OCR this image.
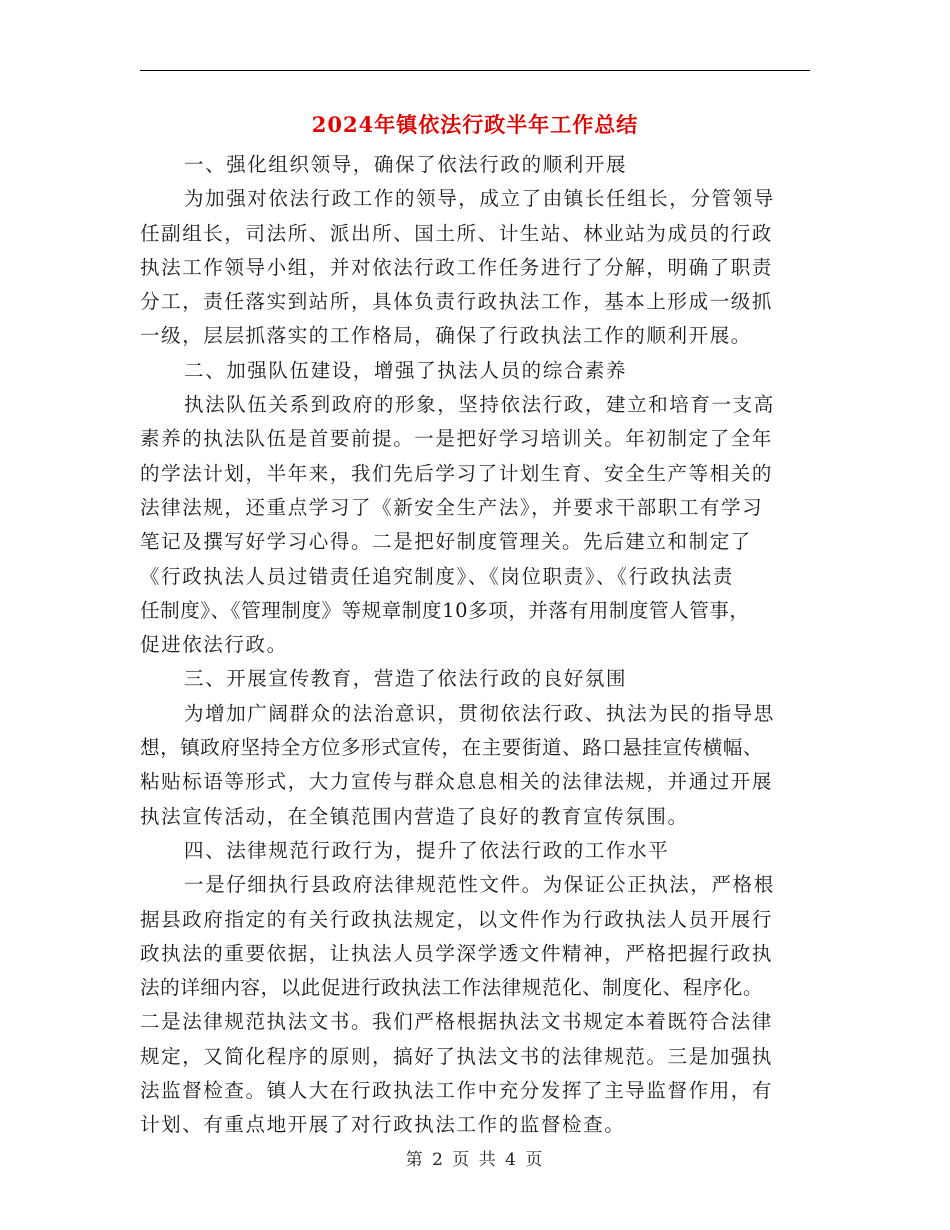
2024年镇依法行政半年工作总结
一、强化组织领导，确保了依法行政的顺利开展
为加强对依法行政工作的领导，成立了由镇长任组长，分管领导
任副组长，司法所、派出所、国土所、计生站、林业站为成员的行政
执法工作领导小组，并对依法行政工作任务进行了分解，明确了职责
分工，责任落实到站所，具体负责行政执法工作，基本上形成一级抓
一级，层层抓落实的工作格局，确保了行政执法工作的顺利开展。
二、加强队伍建设，增强了执法人员的综合素养
执法队伍关系到政府的形象，坚持依法行政，建立和培育一支高
素养的执法队伍是首要前提。一是把好学习培训关。年初制定了全年
的学法计划，半年来，我们先后学习了计划生育、安全生产等相关的
法律法规，还重点学习了《新安全生产法》，并要求干部职工有学习
笔记及撰写好学习心得。二是把好制度管理关。先后建立和制定了
《行政执法人员过错责任追究制度》、《岗位职责》、《行政执法责
任制度》、《管理制度》等规章制度10多项，并落有用制度管人管事，
促进依法行政。
三、开展宣传教育，营造了依法行政的良好氛围
为增加广阔群众的法治意识，贯彻依法行政、执法为民的指导思
想，镇政府坚持全方位多形式宣传，在主要街道、路口悬挂宣传横幅、
粘贴标语等形式，大力宣传与群众息息相关的法律法规，并通过开展
执法宣传活动，在全镇范围内营造了良好的教育宣传氛围。
四、法律规范行政行为，提升了依法行政的工作水平
一是仔细执行县政府法律规范性文件。为保证公正执法，严格根
据县政府指定的有关行政执法规定，以文件作为行政执法人员开展行
政执法的重要依据，让执法人员学深学透文件精神，严格把握行政执
法的详细内容，以此促进行政执法工作法律规范化、制度化、程序化。
二是法律规范执法文书。我们严格根据执法文书规定本着既符合法律
规定，又简化程序的原则，搞好了执法文书的法律规范。三是加强执
法监督检查。镇人大在行政执法工作中充分发挥了主导监督作用，有
计划、有重点地开展了对行政执法工作的监督检查。
第 2 页 共 4 页
